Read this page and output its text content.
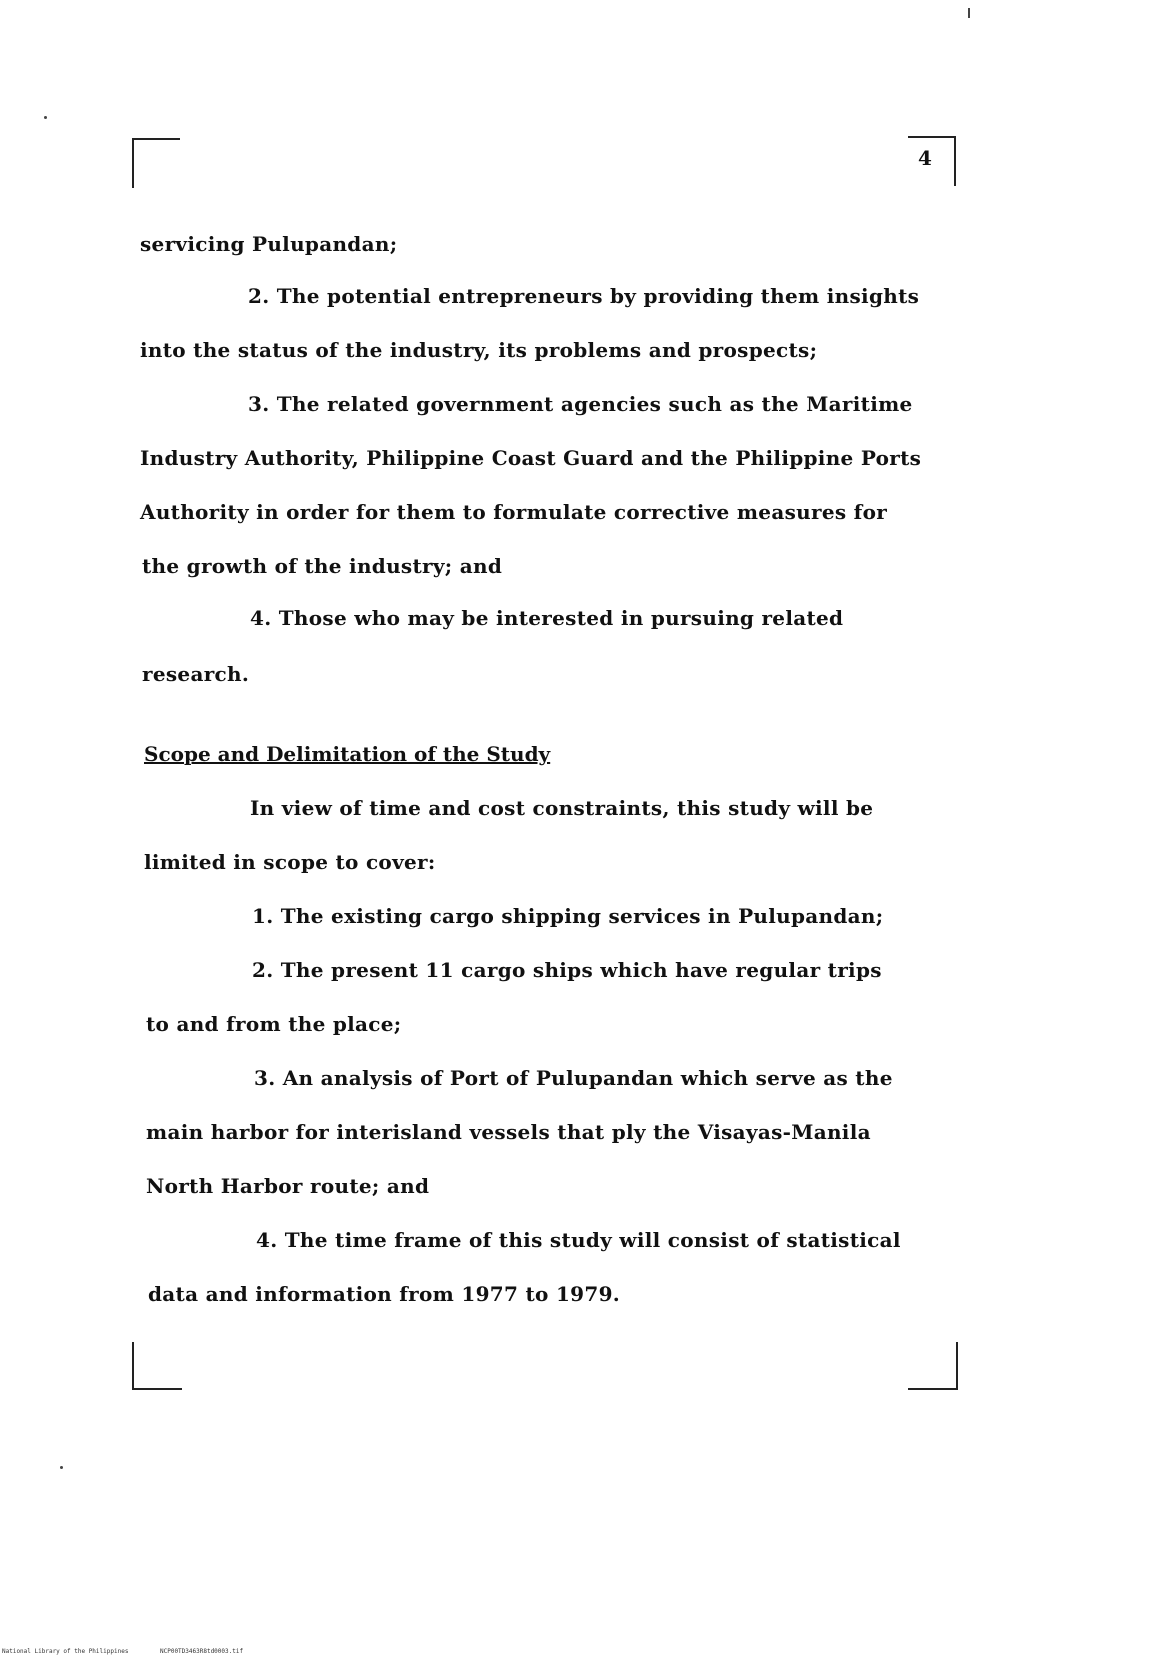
4
servicing Pulupandan;
2. The potential entrepreneurs by providing them insights
into the status of the industry, its problems and prospects;
3. The related government agencies such as the Maritime
Industry Authority, Philippine Coast Guard and the Philippine Ports
Authority in order for them to formulate corrective measures for
the growth of the industry; and
4. Those who may be interested in pursuing related
research.
Scope and Delimitation of the Study
In view of time and cost constraints, this study will be
limited in scope to cover:
1. The existing cargo shipping services in Pulupandan;
2. The present 11 cargo ships which have regular trips
to and from the place;
3. An analysis of Port of Pulupandan which serve as the
main harbor for interisland vessels that ply the Visayas-Manila
North Harbor route; and
4. The time frame of this study will consist of statistical
data and information from 1977 to 1979.
National Library of the Philippines	NCP00TD3463R8td0003.tif
